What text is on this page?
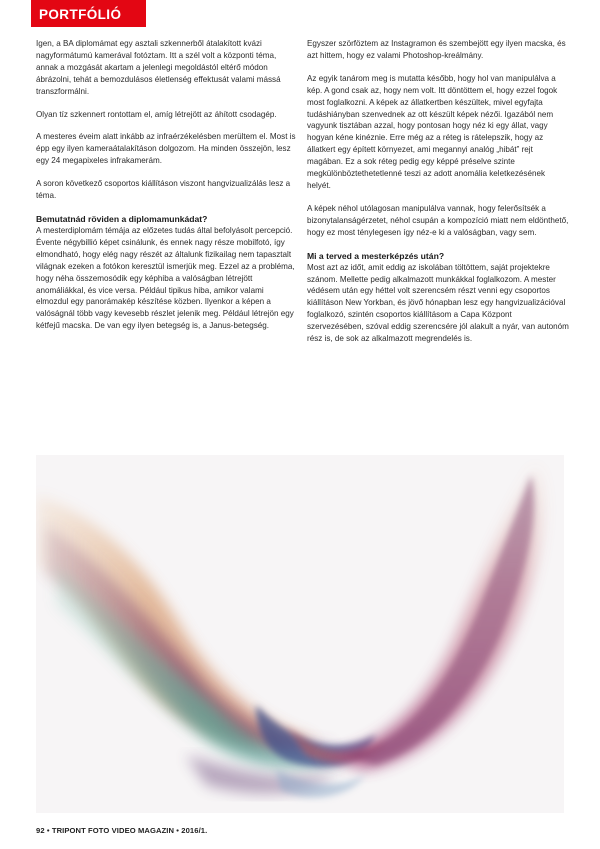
PORTFÓLIÓ

Igen, a BA diplomámat egy asztali szkennerből átalakított kvázi nagyformátumú kamerával fotóztam. Itt a szél volt a központi téma, annak a mozgását akartam a jelenlegi megoldástól eltérő módon ábrázolni, tehát a bemozdulásos életlenség effektusát valami mássá transzformálni.

Olyan tíz szkennert rontottam el, amíg létrejött az áhított csodagép.

A mesteres éveim alatt inkább az infraérzékelésben merültem el. Most is épp egy ilyen kameraátalakításon dolgozom. Ha minden összejön, lesz egy 24 megapixeles infrakamerám.

A soron következő csoportos kiállításon viszont hangvizualizálás lesz a téma.

Bemutatnád röviden a diplomamunkádat?

A mesterdiplomám témája az előzetes tudás által befolyásolt percepció. Évente négybillió képet csinálunk, és ennek nagy része mobilfotó, így elmondható, hogy elég nagy részét az általunk fizikailag nem tapasztalt világnak ezeken a fotókon keresztül ismerjük meg. Ezzel az a probléma, hogy néha összemosódik egy képhiba a valóságban létrejött anomáliákkal, és vice versa. Például tipikus hiba, amikor valami elmozdul egy panorámakép készítése közben. Ilyenkor a képen a valóságnál több vagy kevesebb részlet jelenik meg. Például létrejön egy kétfejű macska. De van egy ilyen betegség is, a Janus-betegség.

Egyszer szörföztem az Instagramon és szembejött egy ilyen macska, és azt hittem, hogy ez valami Photoshop-kreálmány.

Az egyik tanárom meg is mutatta később, hogy hol van manipulálva a kép. A gond csak az, hogy nem volt. Itt döntöttem el, hogy ezzel fogok most foglalkozni. A képek az állatkertben készültek, mivel egyfajta tudáshiányban szenvednek az ott készült képek nézői. Igazából nem vagyunk tisztában azzal, hogy pontosan hogy néz ki egy állat, vagy hogyan kéne kinéznie. Erre még az a réteg is rátelepszik, hogy az állatkert egy épített környezet, ami megannyi analóg „hibát” rejt magában. Ez a sok réteg pedig egy képpé préselve szinte megkülönböztethetetlenné teszi az adott anomália keletkezésének helyét.

A képek néhol utólagosan manipulálva vannak, hogy felerősítsék a bizonytalanságérzetet, néhol csupán a kompozíció miatt nem eldönthető, hogy ez most ténylegesen így néz-e ki a valóságban, vagy sem.

Mi a terved a mesterképzés után?

Most azt az időt, amit eddig az iskolában töltöttem, saját projektekre szánom. Mellette pedig alkalmazott munkákkal foglalkozom. A mester védésem után egy héttel volt szerencsém részt venni egy csoportos kiállításon New Yorkban, és jövő hónapban lesz egy hangvizualizációval foglalkozó, szintén csoportos kiállításom a Capa Központ szervezésében, szóval eddig szerencsére jól alakult a nyár, van autonóm rész is, de sok az alkalmazott megrendelés is.

92 • TRIPONT FOTO VIDEO MAGAZIN • 2016/1.
